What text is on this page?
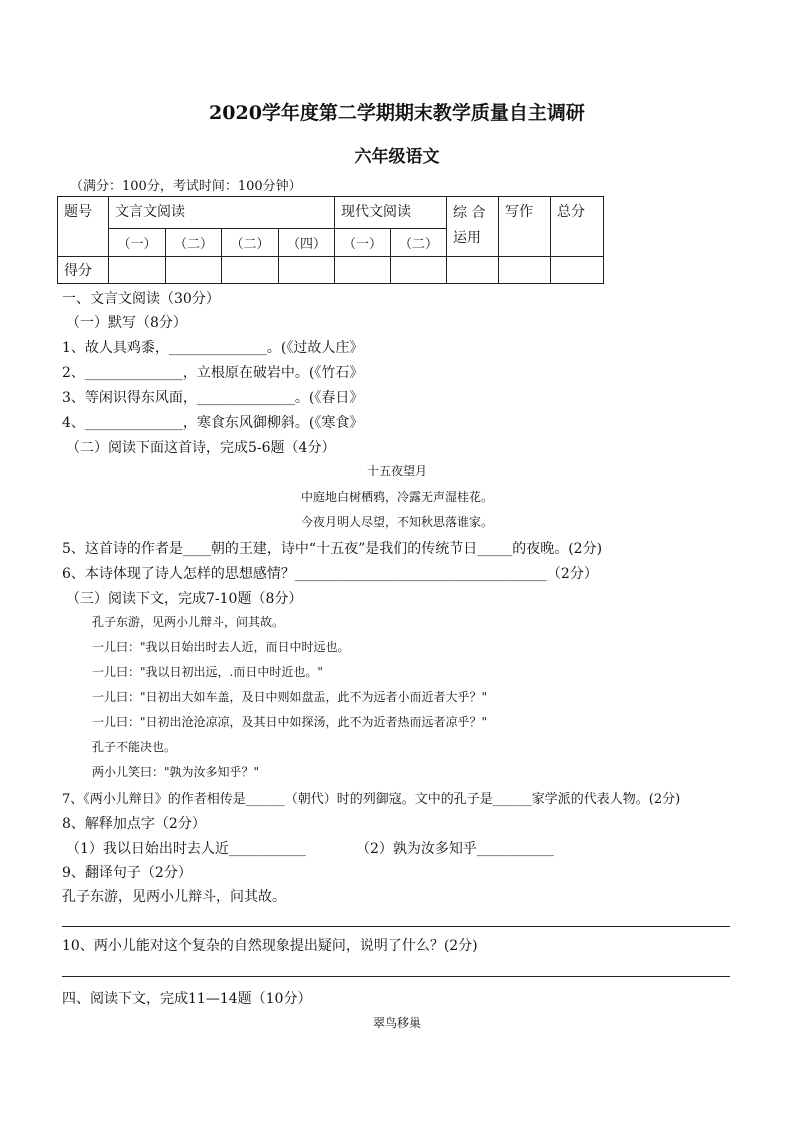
2020学年度第二学期期末教学质量自主调研
六年级语文
（满分：100分，考试时间：100分钟）
题号	文言文阅读				现代文阅读		综 合运用	写作	总分
	（一）	（二）	（二）	（四）	（一）	（二）			
得分									
一、文言文阅读（30分）
（一）默写（8分）
1、故人具鸡黍，______________。(《过故人庄》
2、______________，立根原在破岩中。(《竹石》
3、等闲识得东风面，______________。(《春日》
4、______________，寒食东风御柳斜。(《寒食》
（二）阅读下面这首诗，完成5-6题（4分）
十五夜望月
中庭地白树栖鸦，冷露无声湿桂花。
今夜月明人尽望，不知秋思落谁家。
5、这首诗的作者是____朝的王建，诗中“十五夜”是我们的传统节日_____的夜晚。(2分)
6、本诗体现了诗人怎样的思想感情？____________________________________（2分）
（三）阅读下文，完成7-10题（8分）
孔子东游，见两小儿辩斗，问其故。
一儿曰："我以日始出时去人近，而日中时远也。
一儿曰："我以日初出远，.而日中时近也。"
一儿曰："日初出大如车盖，及日中则如盘盂，此不为远者小而近者大乎？"
一儿曰："日初出沧沧凉凉，及其日中如探汤，此不为近者热而远者凉乎？"
孔子不能决也。
两小儿笑曰："孰为汝多知乎？"
7、《两小儿辩日》的作者相传是______（朝代）时的列御寇。文中的孔子是______家学派的代表人物。(2分)
8、解释加点字（2分）
（1）我以日始出时去人近___________	（2）孰为汝多知乎___________
9、翻译句子（2分）
孔子东游，见两小儿辩斗，问其故。
10、两小儿能对这个复杂的自然现象提出疑问，说明了什么？(2分)
四、阅读下文，完成11—14题（10分）
翠鸟移巢
